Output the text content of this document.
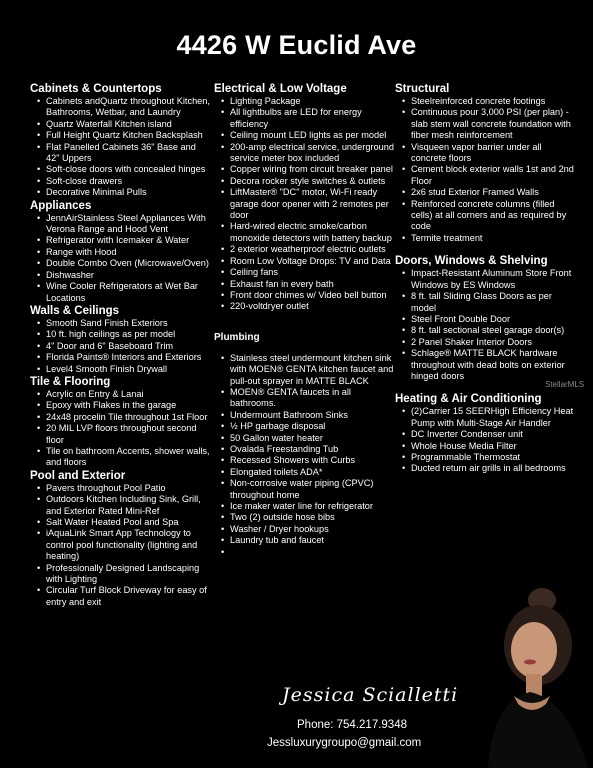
4426 W Euclid Ave
Cabinets & Countertops
• Cabinets andQuartz throughout Kitchen, Bathrooms, Wetbar, and Laundry
• Quartz Waterfall Kitchen island
• Full Height Quartz Kitchen Backsplash
• Flat Panelled Cabinets 36" Base and 42" Uppers
• Soft-close doors with concealed hinges
• Soft-close drawers
• Decorative Minimal Pulls
Appliances
• JennAirStainless Steel Appliances With Verona Range and Hood Vent
• Refrigerator with Icemaker & Water
• Range with Hood
• Double Combo Oven (Microwave/Oven)
• Dishwasher
• Wine Cooler Refrigerators at Wet Bar Locations
Walls & Ceilings
• Smooth Sand Finish Exteriors
• 10 ft. high ceilings as per model
• 4" Door and 6" Baseboard Trim
• Florida Paints® Interiors and Exteriors
• Level4 Smooth Finish Drywall
Tile & Flooring
• Acrylic on Entry & Lanai
• Epoxy with Flakes in the garage
• 24x48 procelin Tile throughout 1st Floor
• 20 MIL LVP floors throughout second floor
• Tile on bathroom Accents, shower walls, and floors
Pool and Exterior
• Pavers throughout Pool Patio
• Outdoors Kitchen Including Sink, Grill, and Exterior Rated Mini-Ref
• Salt Water Heated Pool and Spa
• iAquaLink Smart App Technology to control pool functionality (lighting and heating)
• Professionally Designed Landscaping with Lighting
• Circular Turf Block Driveway for easy of entry and exit
Electrical & Low Voltage
• Lighting Package
• All lightbulbs are LED for energy efficiency
• Ceiling mount LED lights as per model
• 200-amp electrical service, underground service meter box included
• Copper wiring from circuit breaker panel
• Decora rocker style switches & outlets
• LiftMaster® "DC" motor, Wi-Fi ready garage door opener with 2 remotes per door
• Hard-wired electric smoke/carbon monoxide detectors with battery backup
• 2 exterior weatherproof electric outlets
• Room Low Voltage Drops: TV and Data
• Ceiling fans
• Exhaust fan in every bath
• Front door chimes w/ Video bell button
• 220-voltdryer outlet
Plumbing
• Stainless steel undermount kitchen sink with MOEN® GENTA kitchen faucet and pull-out sprayer in MATTE BLACK
• MOEN® GENTA faucets in all bathrooms.
• Undermount Bathroom Sinks
• ½ HP garbage disposal
• 50 Gallon water heater
• Ovalada Freestanding Tub
• Recessed Showers with Curbs
• Elongated toilets ADA*
• Non-corrosive water piping (CPVC) throughout home
• Ice maker water line for refrigerator
• Two (2) outside hose bibs
• Washer / Dryer hookups
• Laundry tub and faucet
•
Structural
• Steelreinforced concrete footings
• Continuous pour 3,000 PSI (per plan) - slab stem wall concrete foundation with fiber mesh reinforcement
• Visqueen vapor barrier under all concrete floors
• Cement block exterior walls 1st and 2nd Floor
• 2x6 stud Exterior Framed Walls
• Reinforced concrete columns (filled cells) at all corners and as required by code
• Termite treatment
Doors, Windows & Shelving
• Impact-Resistant Aluminum Store Front Windows by ES Windows
• 8 ft. tall Sliding Glass Doors as per model
• Steel Front Double Door
• 8 ft. tall sectional steel garage door(s)
• 2 Panel Shaker Interior Doors
• Schlage® MATTE BLACK hardware throughout with dead bolts on exterior hinged doors
Heating & Air Conditioning
• (2)Carrier 15 SEERHigh Efficiency Heat Pump with Multi-Stage Air Handler
• DC Inverter Condenser unit
• Whole House Media Filter
• Programmable Thermostat
• Ducted return air grills in all bedrooms
StellarMLS
Jessica Scialletti
Phone: 754.217.9348
Jessluxurygroupo@gmail.com
